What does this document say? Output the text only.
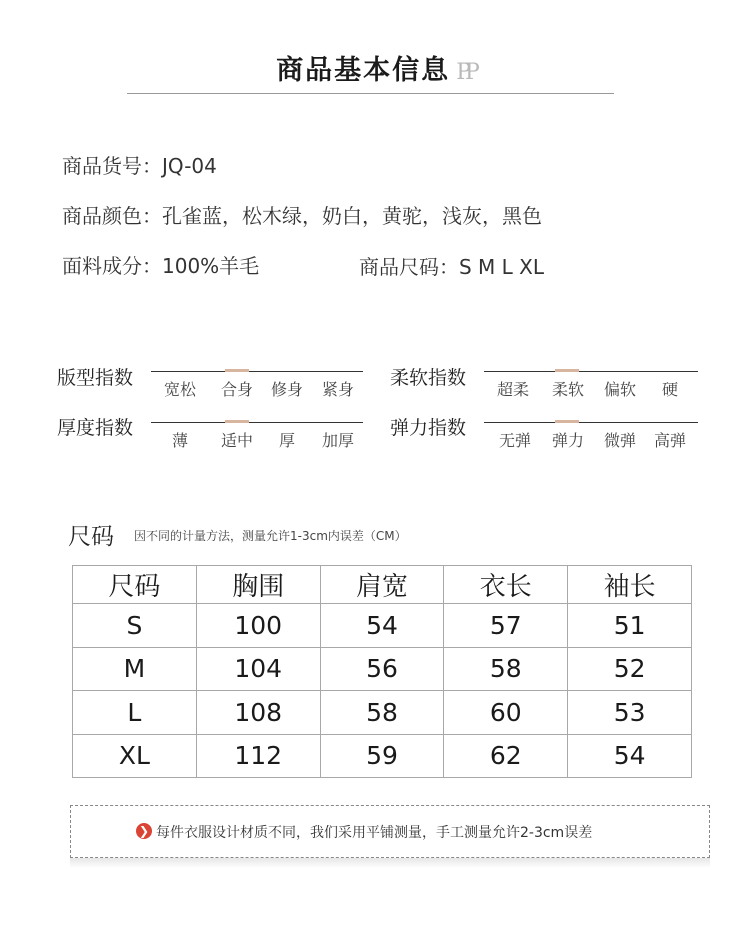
商品基本信息 PP
商品货号：JQ-04
商品颜色：孔雀蓝，松木绿，奶白，黄驼，浅灰，黑色
面料成分：100%羊毛	商品尺码：S M L XL
版型指数
宽松	合身	修身	紧身
柔软指数
超柔	柔软	偏软	硬
厚度指数
薄	适中	厚	加厚
弹力指数
无弹	弹力	微弹	高弹
尺码 因不同的计量方法，测量允许1-3cm内误差（CM）
尺码	胸围	肩宽	衣长	袖长
S	100	54	57	51
M	104	56	58	52
L	108	58	60	53
XL	112	59	62	54
❯ 每件衣服设计材质不同，我们采用平铺测量，手工测量允许2-3cm误差
